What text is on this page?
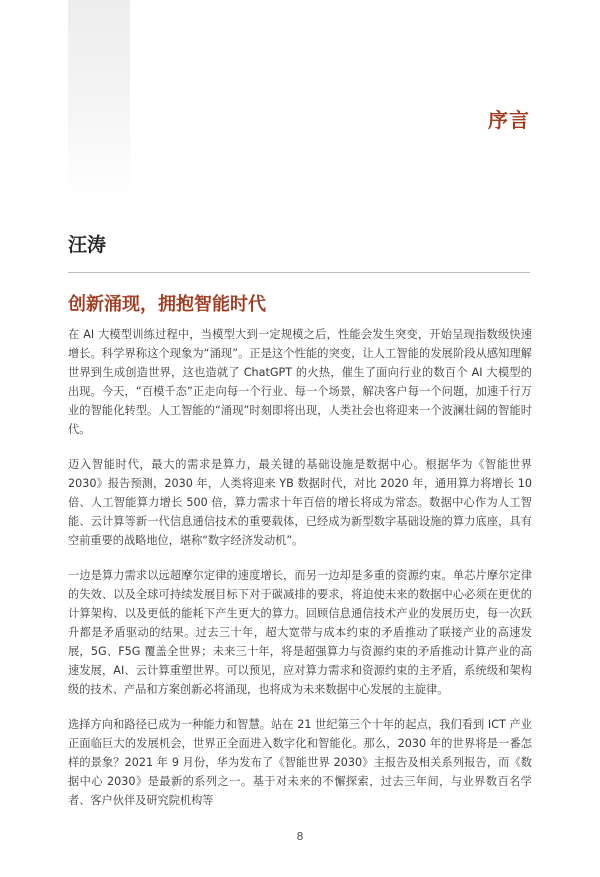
序言
汪涛
创新涌现，拥抱智能时代

在 AI 大模型训练过程中，当模型大到一定规模之后，性能会发生突变，开始呈现指数级快速增长。科学界称这个现象为“涌现”。正是这个性能的突变，让人工智能的发展阶段从感知理解世界到生成创造世界，这也造就了 ChatGPT 的火热，催生了面向行业的数百个 AI 大模型的出现。今天，“百模千态”正走向每一个行业、每一个场景，解决客户每一个问题，加速千行万业的智能化转型。人工智能的“涌现”时刻即将出现，人类社会也将迎来一个波澜壮阔的智能时代。

迈入智能时代，最大的需求是算力，最关键的基础设施是数据中心。根据华为《智能世界 2030》报告预测，2030 年，人类将迎来 YB 数据时代，对比 2020 年，通用算力将增长 10 倍、人工智能算力增长 500 倍，算力需求十年百倍的增长将成为常态。数据中心作为人工智能、云计算等新一代信息通信技术的重要载体，已经成为新型数字基础设施的算力底座，具有空前重要的战略地位，堪称“数字经济发动机”。

一边是算力需求以远超摩尔定律的速度增长，而另一边却是多重的资源约束。单芯片摩尔定律的失效、以及全球可持续发展目标下对于碳减排的要求，将迫使未来的数据中心必须在更优的计算架构、以及更低的能耗下产生更大的算力。回顾信息通信技术产业的发展历史，每一次跃升都是矛盾驱动的结果。过去三十年，超大宽带与成本约束的矛盾推动了联接产业的高速发展，5G、F5G 覆盖全世界；未来三十年，将是超强算力与资源约束的矛盾推动计算产业的高速发展，AI、云计算重塑世界。可以预见，应对算力需求和资源约束的主矛盾，系统级和架构级的技术、产品和方案创新必将涌现，也将成为未来数据中心发展的主旋律。

选择方向和路径已成为一种能力和智慧。站在 21 世纪第三个十年的起点，我们看到 ICT 产业正面临巨大的发展机会，世界正全面进入数字化和智能化。那么，2030 年的世界将是一番怎样的景象？2021 年 9 月份，华为发布了《智能世界 2030》主报告及相关系列报告，而《数据中心 2030》是最新的系列之一。基于对未来的不懈探索，过去三年间，与业界数百名学者、客户伙伴及研究院机构等

8
